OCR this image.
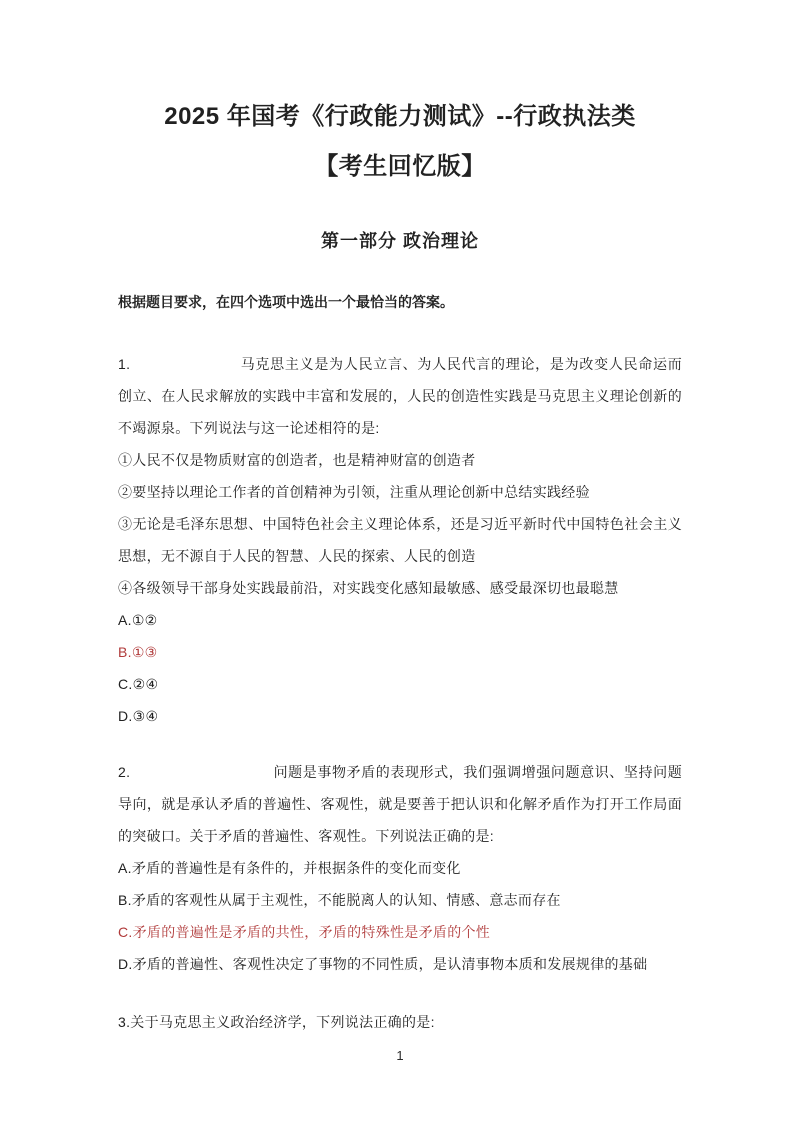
2025 年国考《行政能力测试》--行政执法类
【考生回忆版】
第一部分 政治理论

根据题目要求，在四个选项中选出一个最恰当的答案。

1.	马克思主义是为人民立言、为人民代言的理论，是为改变人民命运而创立、在人民求解放的实践中丰富和发展的，人民的创造性实践是马克思主义理论创新的不竭源泉。下列说法与这一论述相符的是:

①人民不仅是物质财富的创造者，也是精神财富的创造者

②要坚持以理论工作者的首创精神为引领，注重从理论创新中总结实践经验

③无论是毛泽东思想、中国特色社会主义理论体系，还是习近平新时代中国特色社会主义思想，无不源自于人民的智慧、人民的探索、人民的创造

④各级领导干部身处实践最前沿，对实践变化感知最敏感、感受最深切也最聪慧

A.①②

B.①③

C.②④

D.③④

2.	问题是事物矛盾的表现形式，我们强调增强问题意识、坚持问题导向，就是承认矛盾的普遍性、客观性，就是要善于把认识和化解矛盾作为打开工作局面的突破口。关于矛盾的普遍性、客观性。下列说法正确的是:

A.矛盾的普遍性是有条件的，并根据条件的变化而变化

B.矛盾的客观性从属于主观性，不能脱离人的认知、情感、意志而存在

C.矛盾的普遍性是矛盾的共性，矛盾的特殊性是矛盾的个性

D.矛盾的普遍性、客观性决定了事物的不同性质，是认清事物本质和发展规律的基础

3.关于马克思主义政治经济学，下列说法正确的是:

1
